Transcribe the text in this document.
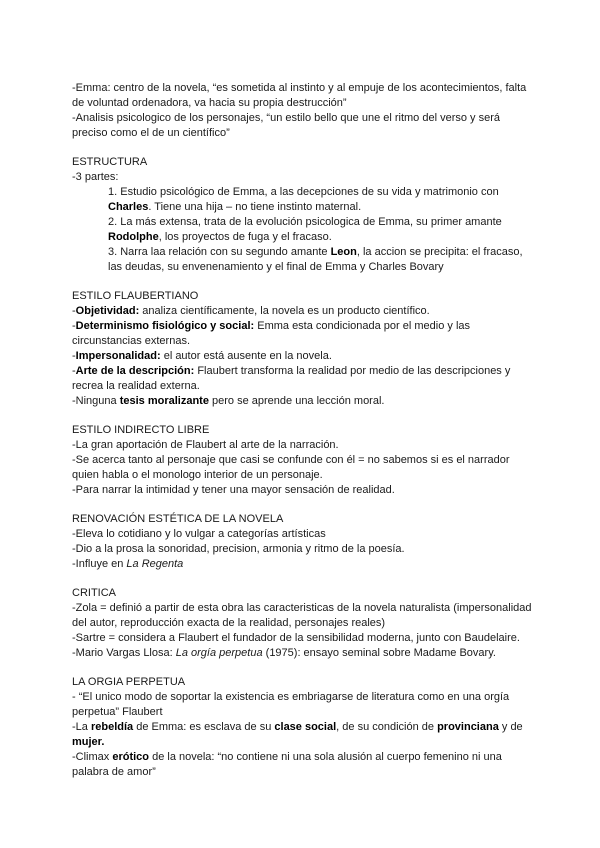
-Emma: centro de la novela, “es sometida al instinto y al empuje de los acontecimientos, falta de voluntad ordenadora, va hacia su propia destrucción”

-Analisis psicologico de los personajes, “un estilo bello que une el ritmo del verso y será preciso como el de un científico”

ESTRUCTURA

-3 partes:

1. Estudio psicológico de Emma, a las decepciones de su vida y matrimonio con Charles. Tiene una hija – no tiene instinto maternal.

2. La más extensa, trata de la evolución psicologica de Emma, su primer amante Rodolphe, los proyectos de fuga y el fracaso.

3. Narra laa relación con su segundo amante Leon, la accion se precipita: el fracaso, las deudas, su envenenamiento y el final de Emma y Charles Bovary

ESTILO FLAUBERTIANO

-Objetividad: analiza científicamente, la novela es un producto científico.

-Determinismo fisiológico y social: Emma esta condicionada por el medio y las circunstancias externas.

-Impersonalidad: el autor está ausente en la novela.

-Arte de la descripción: Flaubert transforma la realidad por medio de las descripciones y recrea la realidad externa.

-Ninguna tesis moralizante pero se aprende una lección moral.

ESTILO INDIRECTO LIBRE

-La gran aportación de Flaubert al arte de la narración.

-Se acerca tanto al personaje que casi se confunde con él = no sabemos si es el narrador quien habla o el monologo interior de un personaje.

-Para narrar la intimidad y tener una mayor sensación de realidad.

RENOVACIÓN ESTÉTICA DE LA NOVELA

-Eleva lo cotidiano y lo vulgar a categorías artísticas

-Dio a la prosa la sonoridad, precision, armonia y ritmo de la poesía.

-Influye en La Regenta

CRITICA

-Zola = definió a partir de esta obra las caracteristicas de la novela naturalista (impersonalidad del autor, reproducción exacta de la realidad, personajes reales)

-Sartre = considera a Flaubert el fundador de la sensibilidad moderna, junto con Baudelaire.

-Mario Vargas Llosa: La orgía perpetua (1975): ensayo seminal sobre Madame Bovary.

LA ORGIA PERPETUA

- “El unico modo de soportar la existencia es embriagarse de literatura como en una orgía perpetua” Flaubert

-La rebeldía de Emma: es esclava de su clase social, de su condición de provinciana y de mujer.

-Climax erótico de la novela: “no contiene ni una sola alusión al cuerpo femenino ni una palabra de amor”
